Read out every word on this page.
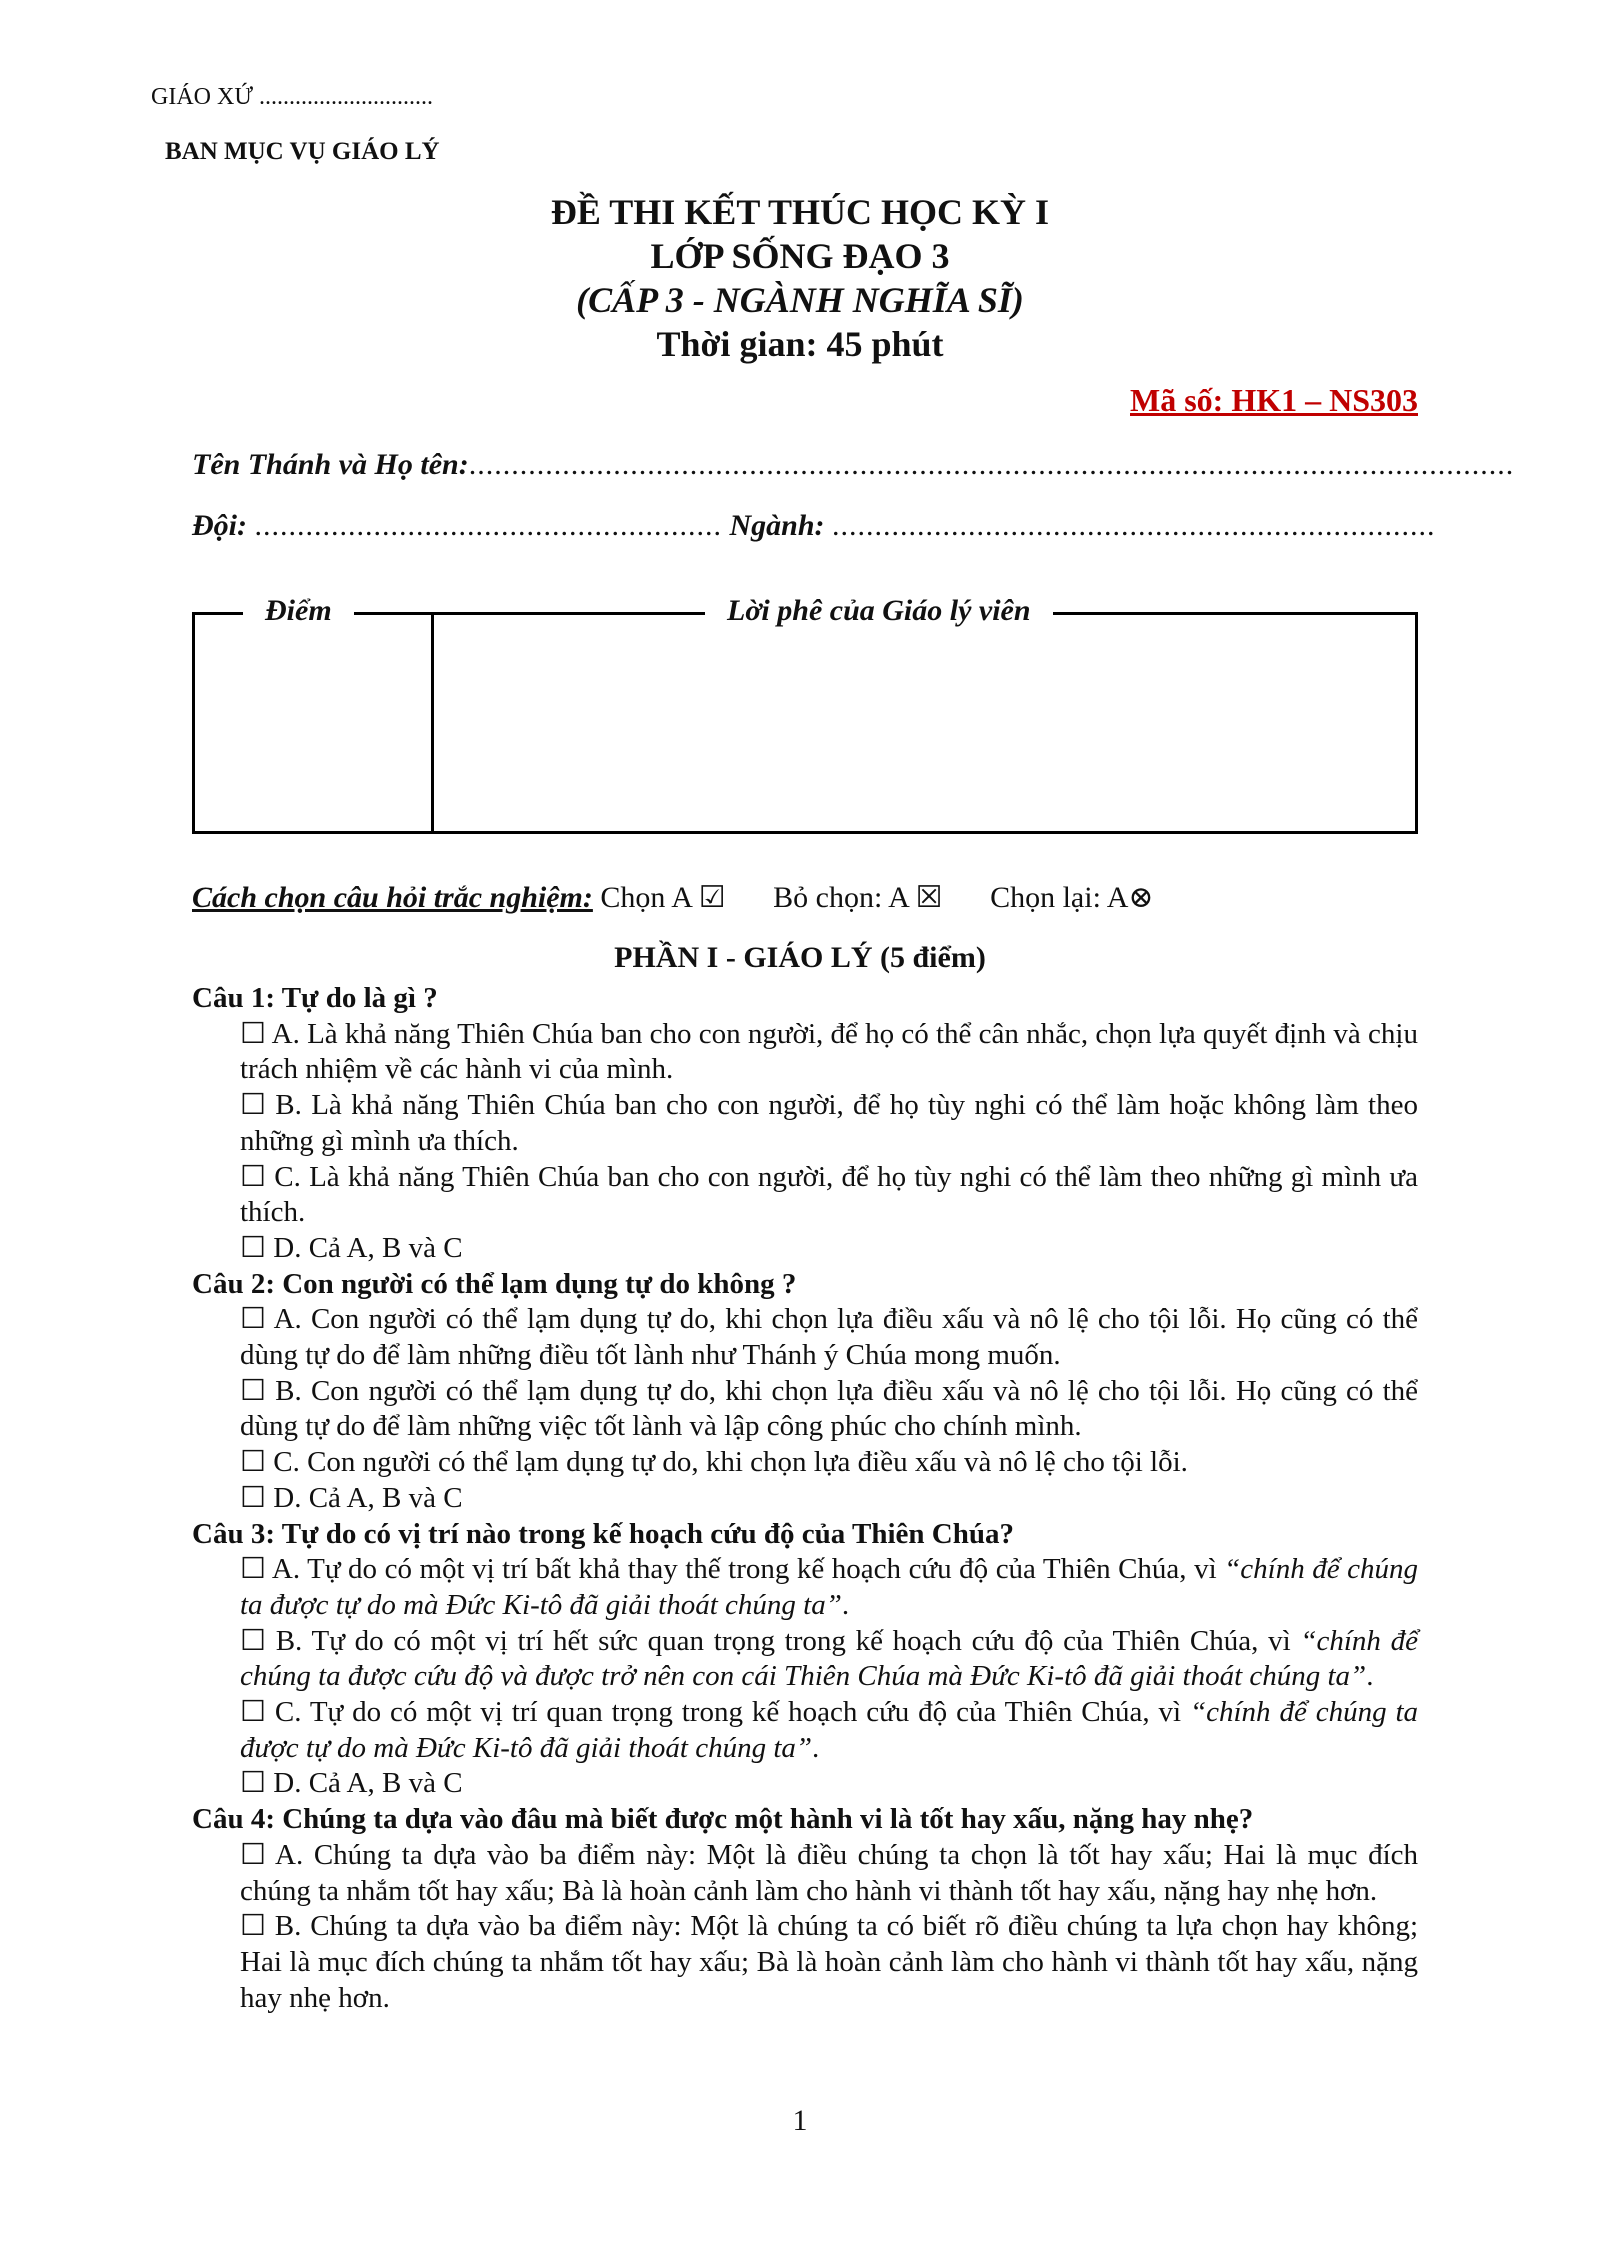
GIÁO XỨ .............................
BAN MỤC VỤ GIÁO LÝ
ĐỀ THI KẾT THÚC HỌC KỲ I
LỚP SỐNG ĐẠO 3
(CẤP 3 - NGÀNH NGHĨA SĨ)
Thời gian: 45 phút
Mã số: HK1 – NS303
Tên Thánh và Họ tên:...........................................................................................................................
Đội: ....................................................... Ngành: .......................................................................
Điểm	Lời phê của Giáo lý viên
Cách chọn câu hỏi trắc nghiệm: Chọn A ☑ Bỏ chọn: A ☒ Chọn lại: A⊗
PHẦN I - GIÁO LÝ (5 điểm)
Câu 1: Tự do là gì ?
☐ A. Là khả năng Thiên Chúa ban cho con người, để họ có thể cân nhắc, chọn lựa quyết định và chịu trách nhiệm về các hành vi của mình.
☐ B. Là khả năng Thiên Chúa ban cho con người, để họ tùy nghi có thể làm hoặc không làm theo những gì mình ưa thích.
☐ C. Là khả năng Thiên Chúa ban cho con người, để họ tùy nghi có thể làm theo những gì mình ưa thích.
☐ D. Cả A, B và C
Câu 2: Con người có thể lạm dụng tự do không ?
☐ A. Con người có thể lạm dụng tự do, khi chọn lựa điều xấu và nô lệ cho tội lỗi. Họ cũng có thể dùng tự do để làm những điều tốt lành như Thánh ý Chúa mong muốn.
☐ B. Con người có thể lạm dụng tự do, khi chọn lựa điều xấu và nô lệ cho tội lỗi. Họ cũng có thể dùng tự do để làm những việc tốt lành và lập công phúc cho chính mình.
☐ C. Con người có thể lạm dụng tự do, khi chọn lựa điều xấu và nô lệ cho tội lỗi.
☐ D. Cả A, B và C
Câu 3: Tự do có vị trí nào trong kế hoạch cứu độ của Thiên Chúa?
☐ A. Tự do có một vị trí bất khả thay thế trong kế hoạch cứu độ của Thiên Chúa, vì “chính để chúng ta được tự do mà Đức Ki-tô đã giải thoát chúng ta”.
☐ B. Tự do có một vị trí hết sức quan trọng trong kế hoạch cứu độ của Thiên Chúa, vì “chính để chúng ta được cứu độ và được trở nên con cái Thiên Chúa mà Đức Ki-tô đã giải thoát chúng ta”.
☐ C. Tự do có một vị trí quan trọng trong kế hoạch cứu độ của Thiên Chúa, vì “chính để chúng ta được tự do mà Đức Ki-tô đã giải thoát chúng ta”.
☐ D. Cả A, B và C
Câu 4: Chúng ta dựa vào đâu mà biết được một hành vi là tốt hay xấu, nặng hay nhẹ?
☐ A. Chúng ta dựa vào ba điểm này: Một là điều chúng ta chọn là tốt hay xấu; Hai là mục đích chúng ta nhắm tốt hay xấu; Bà là hoàn cảnh làm cho hành vi thành tốt hay xấu, nặng hay nhẹ hơn.
☐ B. Chúng ta dựa vào ba điểm này: Một là chúng ta có biết rõ điều chúng ta lựa chọn hay không; Hai là mục đích chúng ta nhắm tốt hay xấu; Bà là hoàn cảnh làm cho hành vi thành tốt hay xấu, nặng hay nhẹ hơn.
1
